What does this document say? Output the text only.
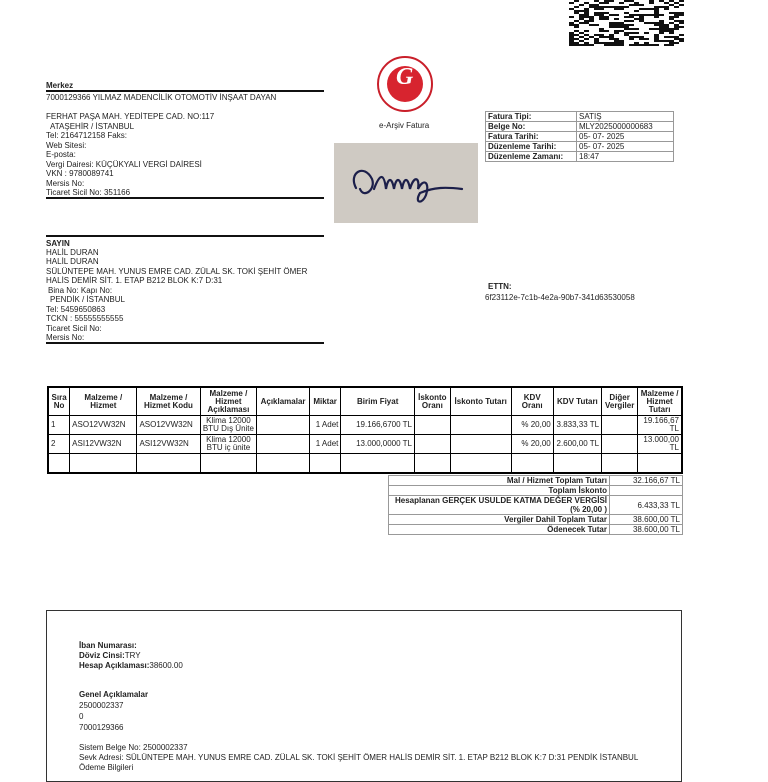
Merkez
7000129366 YILMAZ MADENCİLİK OTOMOTİV İNŞAAT DAYAN
FERHAT PAŞA MAH. YEDİTEPE CAD. NO:117
ATAŞEHİR / İSTANBUL
Tel: 2164712158 Faks:
Web Sitesi:
E-posta:
Vergi Dairesi: KÜÇÜKYALI VERGİ DAİRESİ
VKN : 9780089741
Mersis No:
Ticaret Sicil No: 351166
G
e-Arşiv Fatura
Fatura Tipi:	SATIŞ
Belge No:	MLY2025000000683
Fatura Tarihi:	05- 07- 2025
Düzenleme Tarihi:	05- 07- 2025
Düzenleme Zamanı:	18:47
SAYIN
HALİL DURAN
HALİL DURAN
SÜLÜNTEPE MAH. YUNUS EMRE CAD. ZÜLAL SK. TOKİ ŞEHİT ÖMER
HALİS DEMİR SİT. 1. ETAP B212 BLOK K:7 D:31
Bina No: Kapı No:
PENDİK / İSTANBUL
Tel: 5459650863
TCKN : 55555555555
Ticaret Sicil No:
Mersis No:
ETTN:
6f23112e-7c1b-4e2a-90b7-341d63530058
Sıra No	Malzeme / Hizmet	Malzeme / Hizmet Kodu	Malzeme / Hizmet Açıklaması	Açıklamalar	Miktar	Birim Fiyat	İskonto Oranı	İskonto Tutarı	KDV Oranı	KDV Tutarı	Diğer Vergiler	Malzeme / Hizmet Tutarı
1	ASO12VW32N	ASO12VW32N	Klima 12000 BTU Dış Ünite		1 Adet	19.166,6700 TL			% 20,00	3.833,33 TL		19.166,67 TL
2	ASI12VW32N	ASI12VW32N	Klima 12000 BTU iç ünite		1 Adet	13.000,0000 TL			% 20,00	2.600,00 TL		13.000,00 TL

Mal / Hizmet Toplam Tutarı	32.166,67 TL
Toplam İskonto	
Hesaplanan GERÇEK USULDE KATMA DEĞER VERGİSİ (% 20,00 )	6.433,33 TL
Vergiler Dahil Toplam Tutar	38.600,00 TL
Ödenecek Tutar	38.600,00 TL
İban Numarası:
Döviz Cinsi:TRY
Hesap Açıklaması:38600.00
Genel Açıklamalar
2500002337
0
7000129366
Sistem Belge No: 2500002337
Sevk Adresi: SÜLÜNTEPE MAH. YUNUS EMRE CAD. ZÜLAL SK. TOKİ ŞEHİT ÖMER HALİS DEMİR SİT. 1. ETAP B212 BLOK K:7 D:31 PENDİK İSTANBUL
Ödeme Bilgileri
